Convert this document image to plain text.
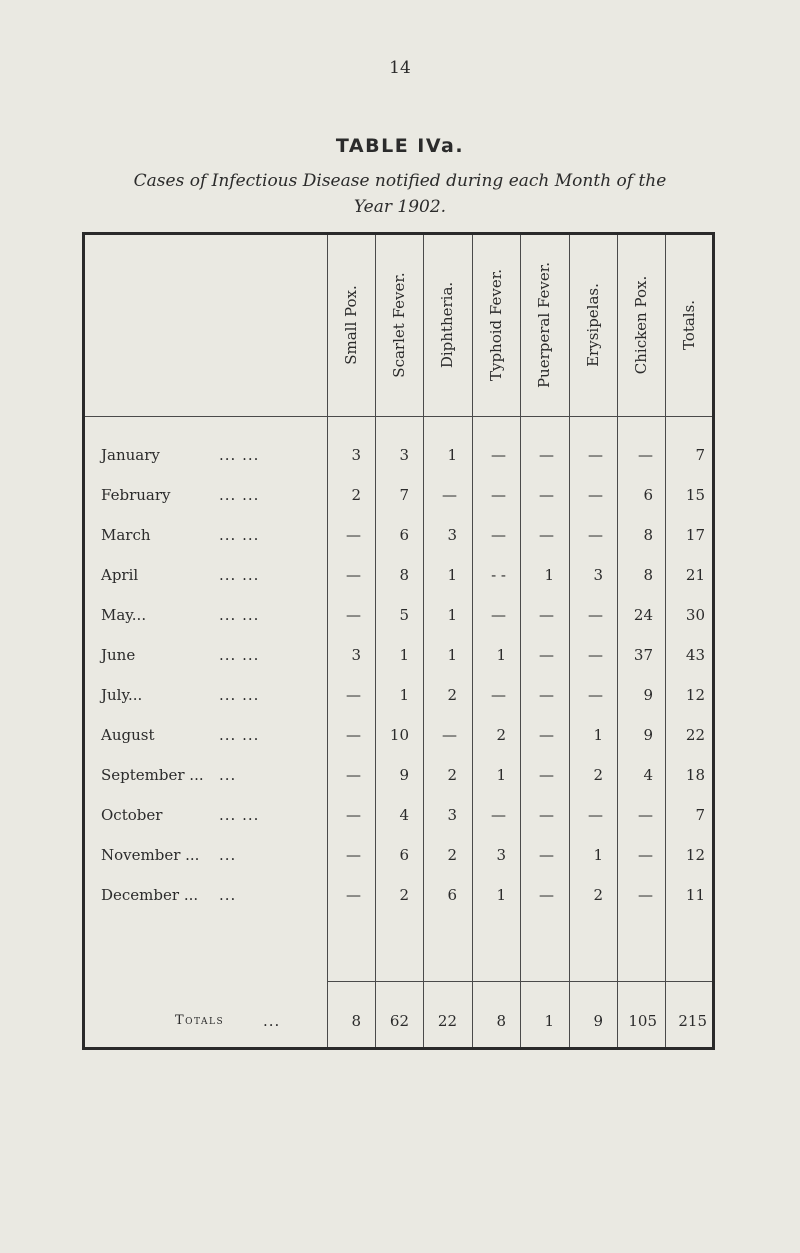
14
TABLE IVa.
Cases of Infectious Disease notified during each Month of the
Year 1902.
Small Pox. Scarlet Fever. Diphtheria. Typhoid Fever. Puerperal Fever. Erysipelas. Chicken Pox. Totals.
January	... ...	3	3	1	—	—	—	—	7
February	... ...	2	7	—	—	—	—	6	15
March	... ...	—	6	3	—	—	—	8	17
April	... ...	—	8	1	- -	1	3	8	21
May...	... ...	—	5	1	—	—	—	24	30
June	... ...	3	1	1	1	—	—	37	43
July...	... ...	—	1	2	—	—	—	9	12
August	... ...	—	10	—	2	—	1	9	22
September ... ...	—	9	2	1	—	2	4	18
October	... ...	—	4	3	—	—	—	—	7
November ... ...	—	6	2	3	—	1	—	12
December ... ...	—	2	6	1	—	2	—	11
Totals	...	8	62	22	8	1	9	105	215
